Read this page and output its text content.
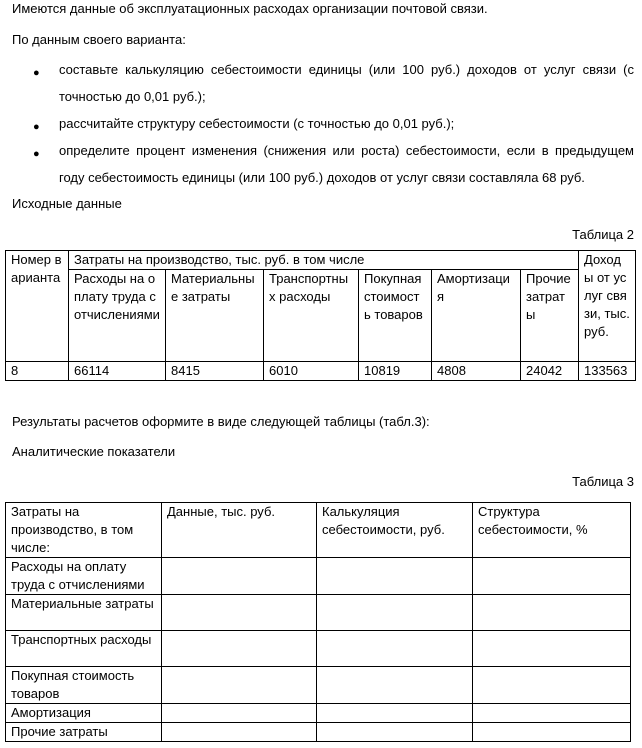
Имеются данные об эксплуатационных расходах организации почтовой связи.
По данным своего варианта:
● составьте калькуляцию себестоимости единицы (или 100 руб.) доходов от услуг связи (с точностью до 0,01 руб.);
● рассчитайте структуру себестоимости (с точностью до 0,01 руб.);
● определите процент изменения (снижения или роста) себестоимости, если в предыдущем году себестоимость единицы (или 100 руб.) доходов от услуг связи составляла 68 руб.
Исходные данные
Таблица 2
Номер варианта	Затраты на производство, тыс. руб. в том числе						Доходы от услуг связи, тыс. руб.
	Расходы на оплату труда с отчислениями	Материальные затраты	Транспортных расходы	Покупная стоимость товаров	Амортизация	Прочие затраты	
8	66114	8415	6010	10819	4808	24042	133563
Результаты расчетов оформите в виде следующей таблицы (табл.3):
Аналитические показатели
Таблица 3
Затраты на производство, в том числе:	Данные, тыс. руб.	Калькуляция себестоимости, руб.	Структура себестоимости, %
Расходы на оплату труда с отчислениями			
Материальные затраты			
Транспортных расходы			
Покупная стоимость товаров			
Амортизация			
Прочие затраты			
